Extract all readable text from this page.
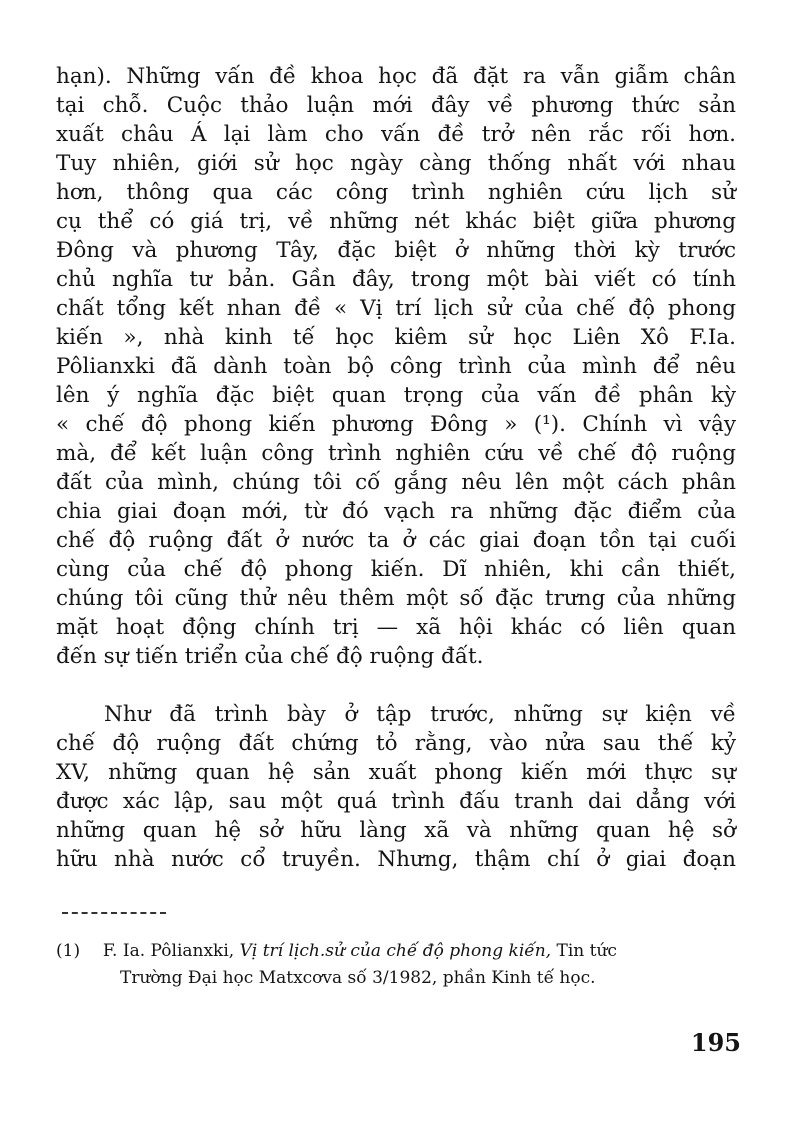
hạn). Những vấn đề khoa học đã đặt ra vẫn giẫm chân
tại chỗ. Cuộc thảo luận mới đây về phương thức sản
xuất châu Á lại làm cho vấn đề trở nên rắc rối hơn.
Tuy nhiên, giới sử học ngày càng thống nhất với nhau
hơn, thông qua các công trình nghiên cứu lịch sử
cụ thể có giá trị, về những nét khác biệt giữa phương
Đông và phương Tây, đặc biệt ở những thời kỳ trước
chủ nghĩa tư bản. Gần đây, trong một bài viết có tính
chất tổng kết nhan đề « Vị trí lịch sử của chế độ phong
kiến », nhà kinh tế học kiêm sử học Liên Xô F.Ia.
Pôlianxki đã dành toàn bộ công trình của mình để nêu
lên ý nghĩa đặc biệt quan trọng của vấn đề phân kỳ
« chế độ phong kiến phương Đông » (¹). Chính vì vậy
mà, để kết luận công trình nghiên cứu về chế độ ruộng
đất của mình, chúng tôi cố gắng nêu lên một cách phân
chia giai đoạn mới, từ đó vạch ra những đặc điểm của
chế độ ruộng đất ở nước ta ở các giai đoạn tồn tại cuối
cùng của chế độ phong kiến. Dĩ nhiên, khi cần thiết,
chúng tôi cũng thử nêu thêm một số đặc trưng của những
mặt hoạt động chính trị — xã hội khác có liên quan
đến sự tiến triển của chế độ ruộng đất.
Như đã trình bày ở tập trước, những sự kiện về
chế độ ruộng đất chứng tỏ rằng, vào nửa sau thế kỷ
XV, những quan hệ sản xuất phong kiến mới thực sự
được xác lập, sau một quá trình đấu tranh dai dẳng với
những quan hệ sở hữu làng xã và những quan hệ sở
hữu nhà nước cổ truyền. Nhưng, thậm chí ở giai đoạn
(1) F. Ia. Pôlianxki, Vị trí lịch.sử của chế độ phong kiến, Tin tức
Trường Đại học Matxcơva số 3/1982, phần Kinh tế học.
195
